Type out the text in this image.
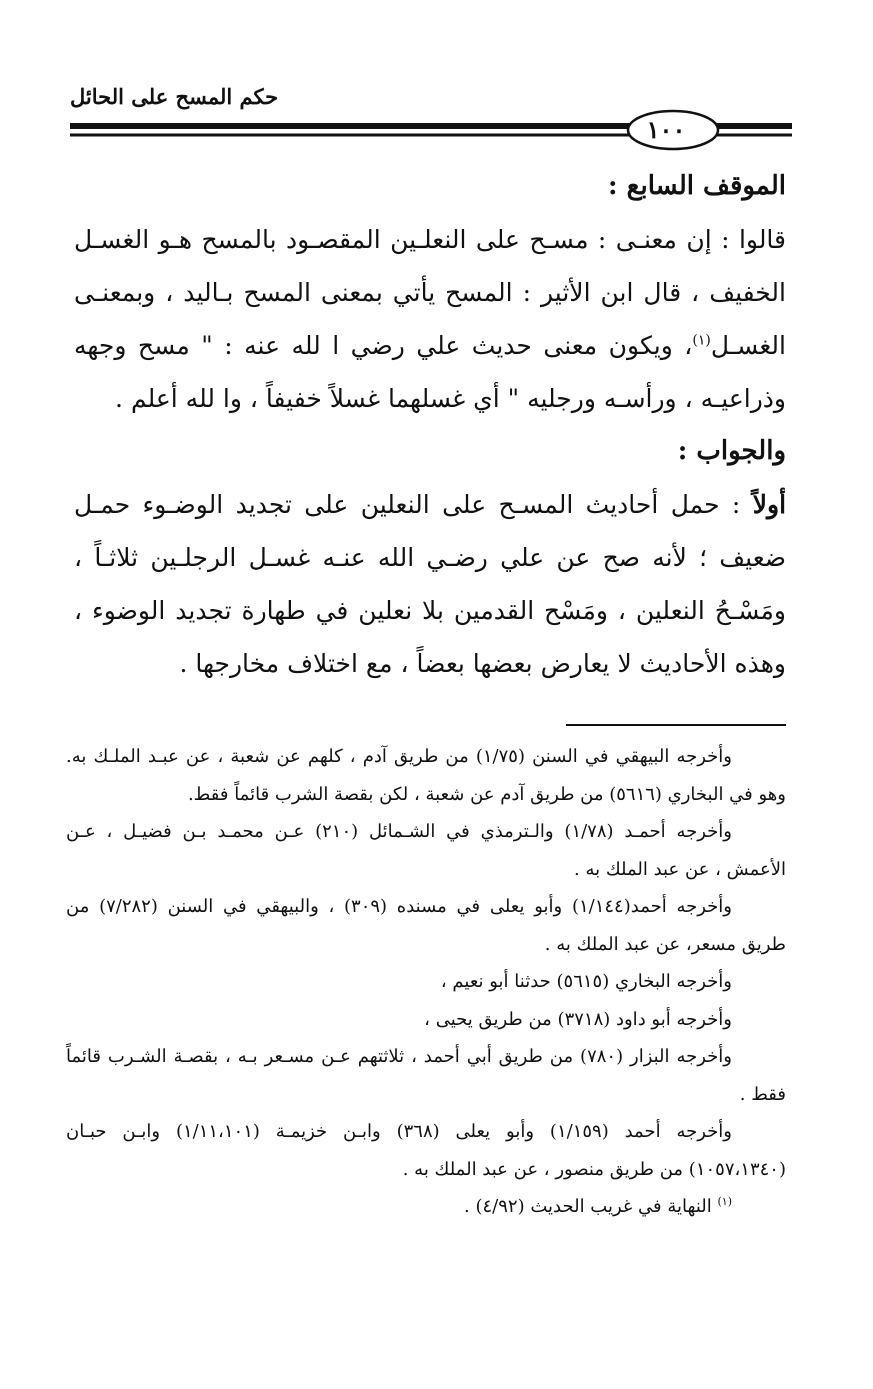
حكم المسح على الحائل
١٠٠

الموقف السابع :

قالوا : إن معنـى : مسـح على النعلـين المقصـود بالمسح هـو الغسـل الخفيف ، قال ابن الأثير : المسح يأتي بمعنى المسح بـاليد ، وبمعنـى الغسـل$^{(١)}$، ويكون معنى حديث علي رضي ا لله عنه : " مسح وجهه وذراعيـه ، ورأسـه ورجليه " أي غسلهما غسلاً خفيفاً ، وا لله أعلم .

والجواب :

أولاً : حمل أحاديث المسـح على النعلين على تجديد الوضـوء حمـل ضعيف ؛ لأنه صح عن علي رضـي الله عنـه غسـل الرجلـين ثلاثـاً ، ومَسْـحُ النعلين ، ومَسْح القدمين بلا نعلين في طهارة تجديد الوضوء ، وهذه الأحاديث لا يعارض بعضها بعضاً ، مع اختلاف مخارجها .

وأخرجه البيهقي في السنن (١/٧٥) من طريق آدم ، كلهم عن شعبة ، عن عبـد الملـك به. وهو في البخاري (٥٦١٦) من طريق آدم عن شعبة ، لكن بقصة الشرب قائماً فقط.

وأخرجه أحمـد (١/٧٨) والـترمذي في الشـمائل (٢١٠) عـن محمـد بـن فضيـل ، عـن الأعمش ، عن عبد الملك به .

وأخرجه أحمد(١/١٤٤) وأبو يعلى في مسنده (٣٠٩) ، والبيهقي في السنن (٧/٢٨٢) من طريق مسعر، عن عبد الملك به .

وأخرجه البخاري (٥٦١٥) حدثنا أبو نعيم ،

وأخرجه أبو داود (٣٧١٨) من طريق يحيى ،

وأخرجه البزار (٧٨٠) من طريق أبي أحمد ، ثلاثتهم عـن مسـعر بـه ، بقصـة الشـرب قائماً فقط .

وأخرجه أحمد (١/١٥٩) وأبو يعلى (٣٦٨) وابـن خزيمـة (١/١١،١٠١) وابـن حبـان (١٠٥٧،١٣٤٠) من طريق منصور ، عن عبد الملك به .

$^{(١)}$ النهاية في غريب الحديث (٤/٩٢) .
